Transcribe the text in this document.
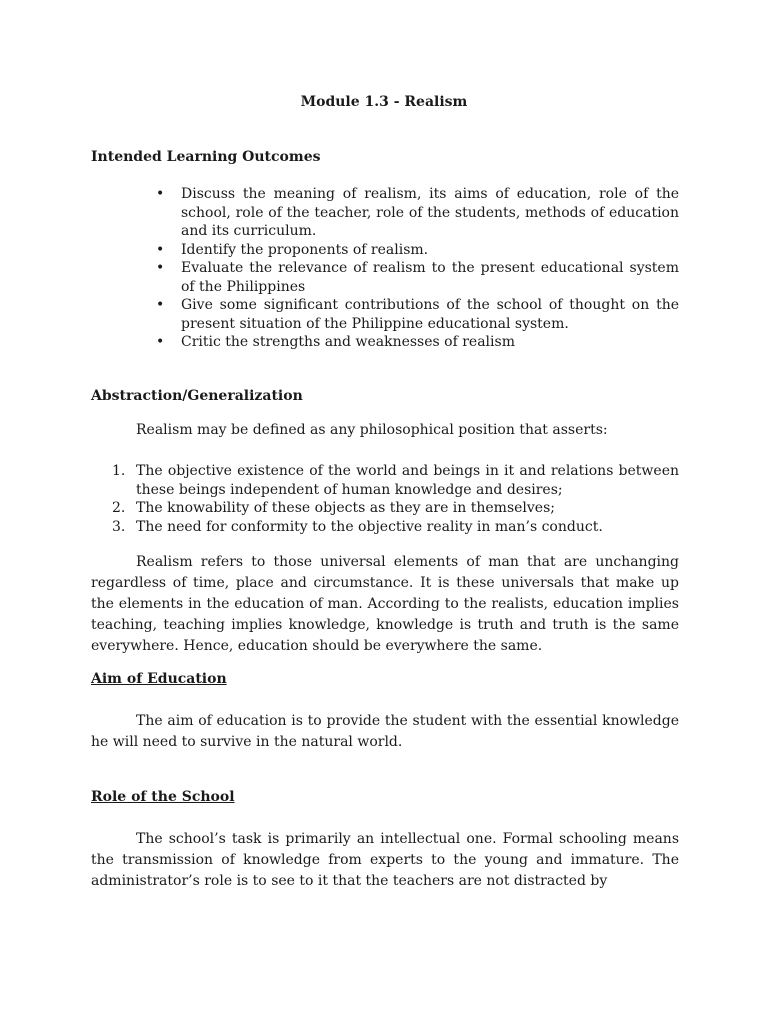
Module 1.3 - Realism
Intended Learning Outcomes
• Discuss the meaning of realism, its aims of education, role of the school, role of the teacher, role of the students, methods of education and its curriculum.
• Identify the proponents of realism.
• Evaluate the relevance of realism to the present educational system of the Philippines
• Give some significant contributions of the school of thought on the present situation of the Philippine educational system.
• Critic the strengths and weaknesses of realism
Abstraction/Generalization

Realism may be defined as any philosophical position that asserts:

1. The objective existence of the world and beings in it and relations between these beings independent of human knowledge and desires;
2. The knowability of these objects as they are in themselves;
3. The need for conformity to the objective reality in man’s conduct.

Realism refers to those universal elements of man that are unchanging regardless of time, place and circumstance. It is these universals that make up the elements in the education of man. According to the realists, education implies teaching, teaching implies knowledge, knowledge is truth and truth is the same everywhere. Hence, education should be everywhere the same.

Aim of Education

The aim of education is to provide the student with the essential knowledge he will need to survive in the natural world.

Role of the School

The school’s task is primarily an intellectual one. Formal schooling means the transmission of knowledge from experts to the young and immature. The administrator’s role is to see to it that the teachers are not distracted by
